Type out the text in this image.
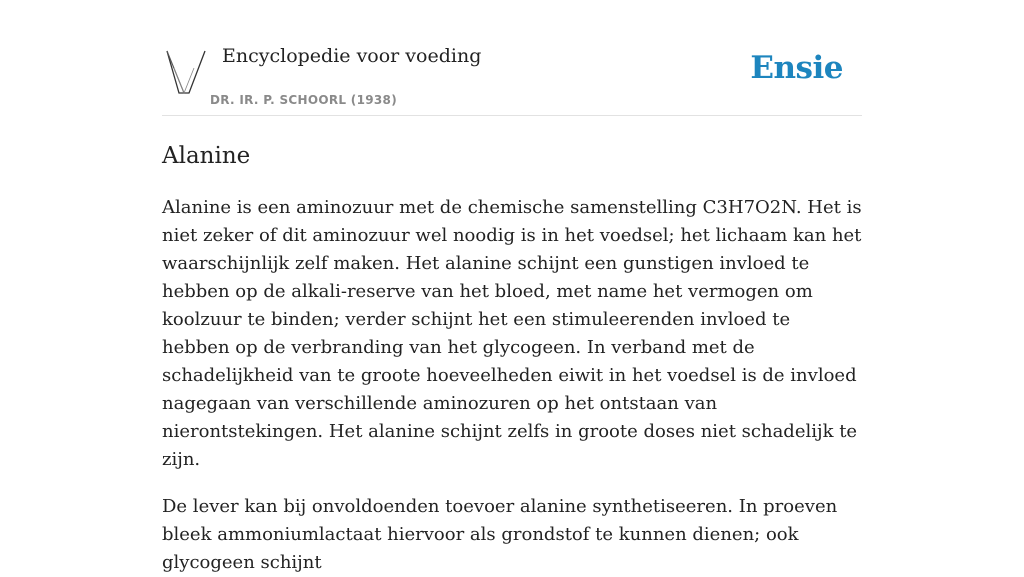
Encyclopedie voor voeding
DR. IR. P. SCHOORL (1938)
Ensie
Alanine

Alanine is een aminozuur met de chemische samenstelling C3H7O2N. Het is niet zeker of dit aminozuur wel noodig is in het voedsel; het lichaam kan het waarschijnlijk zelf maken. Het alanine schijnt een gunstigen invloed te hebben op de alkali-reserve van het bloed, met name het vermogen om koolzuur te binden; verder schijnt het een stimuleerenden invloed te hebben op de verbranding van het glycogeen. In verband met de schadelijkheid van te groote hoeveelheden eiwit in het voedsel is de invloed nagegaan van verschillende aminozuren op het ontstaan van nierontstekingen. Het alanine schijnt zelfs in groote doses niet schadelijk te zijn.

De lever kan bij onvoldoenden toevoer alanine synthetiseeren. In proeven bleek ammoniumlactaat hiervoor als grondstof te kunnen dienen; ook glycogeen schijnt
